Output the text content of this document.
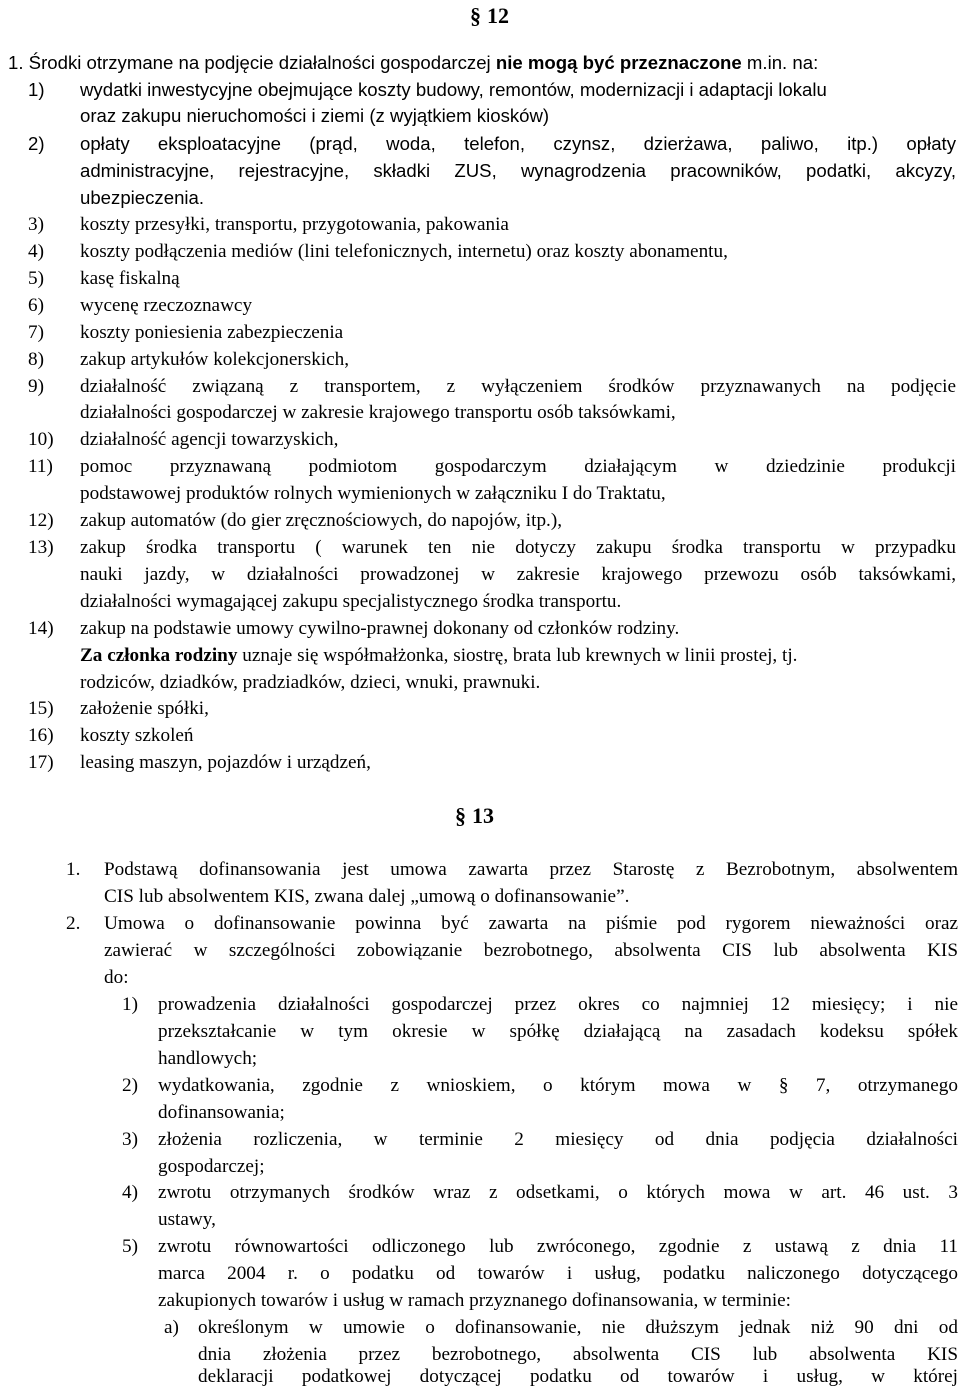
§ 12
1. Środki otrzymane na podjęcie działalności gospodarczej nie mogą być przeznaczone m.in. na:
1) wydatki inwestycyjne obejmujące koszty budowy, remontów, modernizacji i adaptacji lokalu
oraz zakupu nieruchomości i ziemi (z wyjątkiem kiosków)
2) opłaty eksploatacyjne (prąd, woda, telefon, czynsz, dzierżawa, paliwo, itp.) opłaty
administracyjne, rejestracyjne, składki ZUS, wynagrodzenia pracowników, podatki, akcyzy,
ubezpieczenia.
3) koszty przesyłki, transportu, przygotowania, pakowania
4) koszty podłączenia mediów (lini telefonicznych, internetu) oraz koszty abonamentu,
5) kasę fiskalną
6) wycenę rzeczoznawcy
7) koszty poniesienia zabezpieczenia
8) zakup artykułów kolekcjonerskich,
9) działalność związaną z transportem, z wyłączeniem środków przyznawanych na podjęcie
działalności gospodarczej w zakresie krajowego transportu osób taksówkami,
10) działalność agencji towarzyskich,
11) pomoc przyznawaną podmiotom gospodarczym działającym w dziedzinie produkcji
podstawowej produktów rolnych wymienionych w załączniku I do Traktatu,
12) zakup automatów (do gier zręcznościowych, do napojów, itp.),
13) zakup środka transportu ( warunek ten nie dotyczy zakupu środka transportu w przypadku
nauki jazdy, w działalności prowadzonej w zakresie krajowego przewozu osób taksówkami,
działalności wymagającej zakupu specjalistycznego środka transportu.
14) zakup na podstawie umowy cywilno-prawnej dokonany od członków rodziny.
Za członka rodziny uznaje się współmałżonka, siostrę, brata lub krewnych w linii prostej, tj.
rodziców, dziadków, pradziadków, dzieci, wnuki, prawnuki.
15) założenie spółki,
16) koszty szkoleń
17) leasing maszyn, pojazdów i urządzeń,
§ 13
1. Podstawą dofinansowania jest umowa zawarta przez Starostę z Bezrobotnym, absolwentem
CIS lub absolwentem KIS, zwana dalej „umową o dofinansowanie”.
2. Umowa o dofinansowanie powinna być zawarta na piśmie pod rygorem nieważności oraz
zawierać w szczególności zobowiązanie bezrobotnego, absolwenta CIS lub absolwenta KIS
do:
1) prowadzenia działalności gospodarczej przez okres co najmniej 12 miesięcy; i nie
przekształcanie w tym okresie w spółkę działającą na zasadach kodeksu spółek
handlowych;
2) wydatkowania, zgodnie z wnioskiem, o którym mowa w § 7, otrzymanego
dofinansowania;
3) złożenia rozliczenia, w terminie 2 miesięcy od dnia podjęcia działalności
gospodarczej;
4) zwrotu otrzymanych środków wraz z odsetkami, o których mowa w art. 46 ust. 3
ustawy,
5) zwrotu równowartości odliczonego lub zwróconego, zgodnie z ustawą z dnia 11
marca 2004 r. o podatku od towarów i usług, podatku naliczonego dotyczącego
zakupionych towarów i usług w ramach przyznanego dofinansowania, w terminie:
a) określonym w umowie o dofinansowanie, nie dłuższym jednak niż 90 dni od
dnia złożenia przez bezrobotnego, absolwenta CIS lub absolwenta KIS
deklaracji podatkowej dotyczącej podatku od towarów i usług, w której
